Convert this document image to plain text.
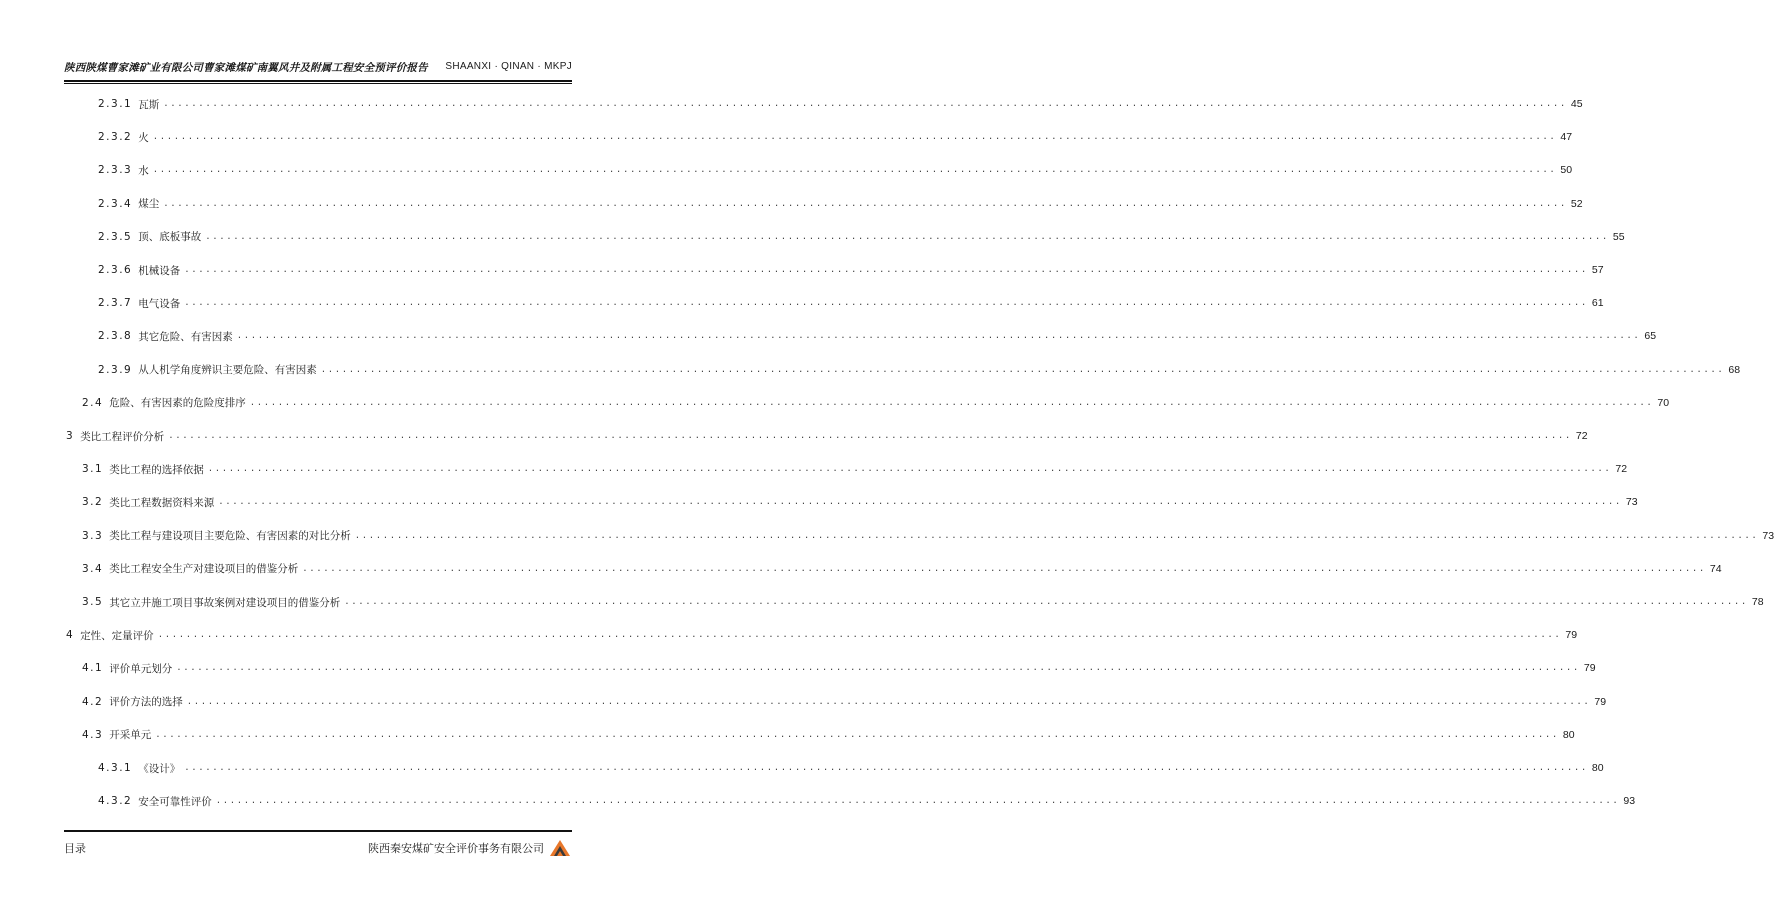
陕西陕煤曹家滩矿业有限公司曹家滩煤矿南翼风井及附属工程安全预评价报告 SHAANXI · QINAN · MKPJ
2.3.1 瓦斯 ........................................................................................................................................................................................................ 45
2.3.2 火 ........................................................................................................................................................................................................ 47
2.3.3 水 ........................................................................................................................................................................................................ 50
2.3.4 煤尘 ........................................................................................................................................................................................................ 52
2.3.5 顶、底板事故 ........................................................................................................................................................................................................ 55
2.3.6 机械设备 ........................................................................................................................................................................................................ 57
2.3.7 电气设备 ........................................................................................................................................................................................................ 61
2.3.8 其它危险、有害因素 ........................................................................................................................................................................................................ 65
2.3.9 从人机学角度辨识主要危险、有害因素 ........................................................................................................................................................................................................ 68
2.4 危险、有害因素的危险度排序 ........................................................................................................................................................................................................ 70
3 类比工程评价分析 ........................................................................................................................................................................................................ 72
3.1 类比工程的选择依据 ........................................................................................................................................................................................................ 72
3.2 类比工程数据资料来源 ........................................................................................................................................................................................................ 73
3.3 类比工程与建设项目主要危险、有害因素的对比分析 ........................................................................................................................................................................................................ 73
3.4 类比工程安全生产对建设项目的借鉴分析 ........................................................................................................................................................................................................ 74
3.5 其它立井施工项目事故案例对建设项目的借鉴分析 ........................................................................................................................................................................................................ 78
4 定性、定量评价 ........................................................................................................................................................................................................ 79
4.1 评价单元划分 ........................................................................................................................................................................................................ 79
4.2 评价方法的选择 ........................................................................................................................................................................................................ 79
4.3 开采单元 ........................................................................................................................................................................................................ 80
4.3.1 《设计》 ........................................................................................................................................................................................................ 80
4.3.2 安全可靠性评价 ........................................................................................................................................................................................................ 93
目录	陕西秦安煤矿安全评价事务有限公司
